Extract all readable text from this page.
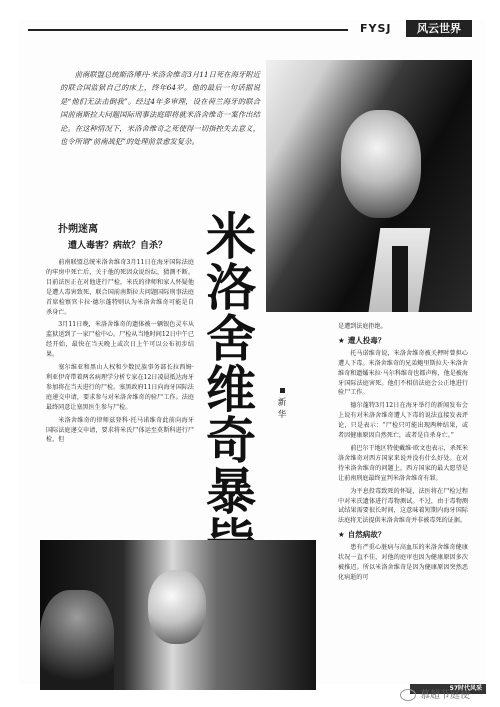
FYSJ	风云世界
前南联盟总统斯洛博丹·米洛舍维奇3月11日死在海牙附近的联合国监狱自己的床上，终年64岁。他的最后一句话据说是“他们无法击倒我”。经过4年多审理，设在荷兰海牙的联合国前南斯拉夫问题国际刑事法庭即将就米洛舍维奇一案作出结论。在这种情况下，米洛舍维奇之死使得一切指控失去意义，也令所谓“前南战犯”的处理前景愈发复杂。
扑朔迷离
遭人毒害？病故？自杀？

前南联盟总统米洛舍维奇3月11日在海牙国际法庭的牢房中死亡后，关于他的死因众说纷纭，猜测不断。目前法医正在对他进行尸检，米氏的律师和家人怀疑他是遭人毒害致死，联合国前南斯拉夫问题国际刑事法庭首席检察官卡拉·德尔蓬特则认为米洛舍维奇可能是自杀身亡。

3月11日晚，米洛舍维奇的遗体被一辆银色灵车从监狱送到了一家尸检中心。尸检从当地时间12日中午已经开始，最快在当天晚上或次日上午可以公布初步结果。

塞尔维亚和黑山人权和少数民族事务部长拉西姆·利亚伊奇带着两名病理学分析专家在12日凌晨抵达海牙参加将在当天进行的尸检。塞黑政府11日向海牙国际法庭递交申请，要求参与对米洛舍维奇的验尸工作。法庭最终同意让塞黑医生参与尸检。

米洛舍维奇的律师兹登科·托马诺维奇此前向海牙国际法庭递交申请，要求将米氏尸体运至莫斯科进行尸检，但

米
洛
舍
维
奇
暴
新
华

是遭到法庭拒绝。

★ 遭人投毒？

托马诺维奇说，米洛舍维奇被关押时曾担心遭人下毒。米洛舍维奇的兄弟鲍里斯拉夫·米洛舍维奇和遗孀米拉·马尔科维奇也都声称，他是被海牙国际法庭害死。他们不相信法庭会公正地进行验尸工作。

德尔蓬特3月12日在海牙举行的新闻发布会上说有对米洛舍维奇遭人下毒的说法直接发表评论，只是表示：“尸检只可能出现两种结果，或者因健康原因自然死亡，或者是自杀身亡。”

前巴尔干地区特使戴维·欧文也表示，杀死米洛舍维奇对西方国家来说并没有什么好处。在对待米洛舍维奇的问题上，西方国家的最大愿望是让前南刑庭最终宣判米洛舍维奇有罪。

为平息投毒致死的怀疑，法医将在尸检过程中对米氏遗体进行毒物测试。不过，由于毒物测试结果需要很长时间，这意味着短期内海牙国际法庭将无法提供米洛舍维奇并非被毒死的证据。

★ 自然病故？

患有严重心脏病与高血压的米洛舍维奇健康状况一直不佳，对他的庭审也因为健康原因多次被推迟。所以米洛舍维奇是因为健康原因突然恶化病逝的可

57时代风采
慕超节庭使
